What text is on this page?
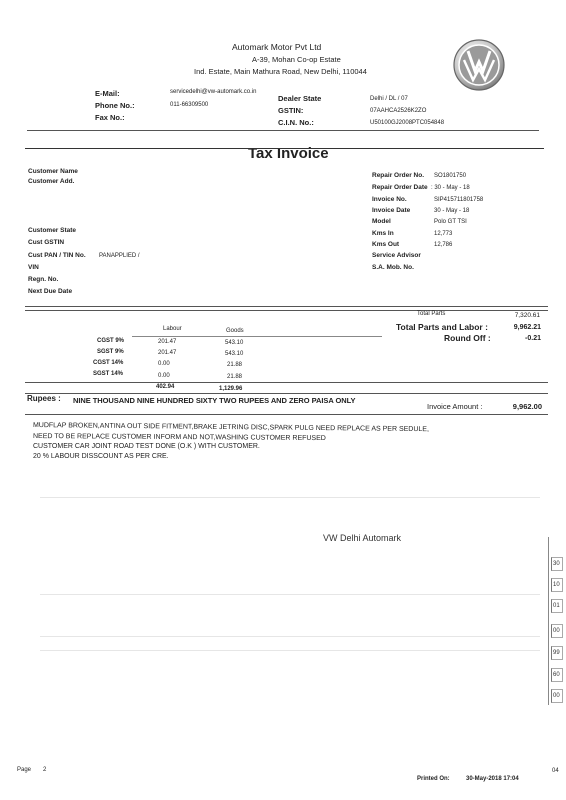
Automark Motor Pvt Ltd
A-39, Mohan Co-op Estate
Ind. Estate, Main Mathura Road, New Delhi, 110044
E-Mail:	servicedelhi@vw-automark.co.in
Phone No.:	011-66309500
Fax No.:
Dealer State	Delhi / DL / 07
GSTIN:	07AAHCA2526K2ZO
C.I.N. No.:	U50100GJ2008PTC054848
Tax Invoice
Customer Name
Customer Add.
Customer State
Cust GSTIN
Cust PAN / TIN No. PANAPPLIED /
VIN
Regn. No.
Next Due Date
Repair Order No. SO1801750
Repair Order Date : 30 - May - 18
Invoice No.	SIP415711801758
Invoice Date	30 - May - 18
Model	Polo GT TSI
Kms In	12,773
Kms Out	12,786
Service Advisor
S.A. Mob. No.
Total Parts	7,320.61
Total Parts and Labor :	9,962.21
Round Off :	-0.21
Labour	Goods
CGST 9%	201.47	543.10
SGST 9%	201.47	543.10
CGST 14%	0.00	21.88
SGST 14%	0.00	21.88
402.94	1,129.96
Rupees : NINE THOUSAND NINE HUNDRED SIXTY TWO RUPEES AND ZERO PAISA ONLY
Invoice Amount :	9,962.00
MUDFLAP BROKEN,ANTINA OUT SIDE FITMENT,BRAKE JETRING DISC,SPARK PULG NEED REPLACE AS PER SEDULE,
NEED TO BE REPLACE CUSTOMER INFORM AND NOT,WASHING CUSTOMER REFUSED
CUSTOMER CAR JOINT ROAD TEST DONE (O.K ) WITH CUSTOMER.
20 % LABOUR DISSCOUNT AS PER CRE.
VW Delhi Automark
30
10
01
00
99
60
00
Page 2
Printed On:	30-May-2018 17:04
04
